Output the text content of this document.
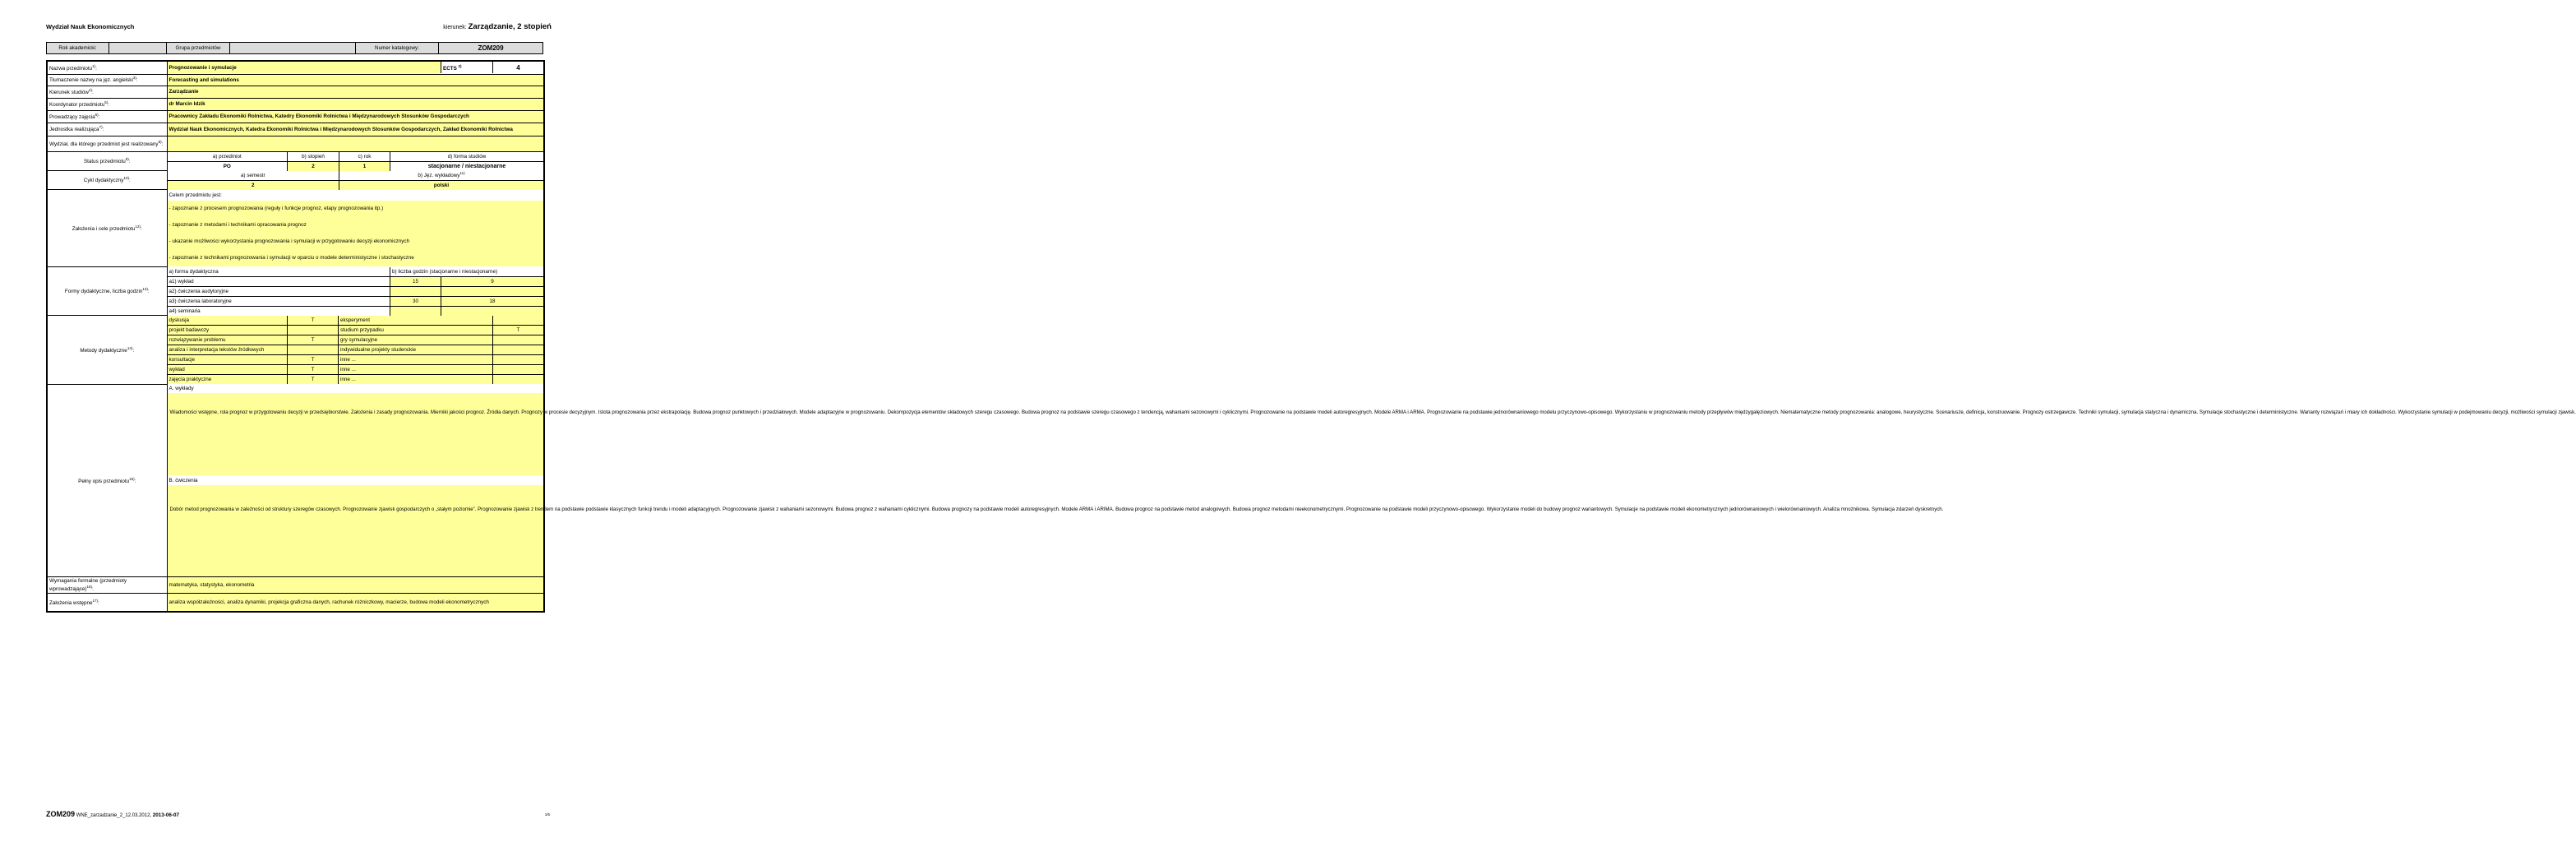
Wydział Nauk Ekonomicznych	kierunek: Zarządzanie, 2 stopień
Rok akademicki:		Grupa przedmiotów		Numer katalogowy:	ZOM209
Nazwa przedmiotu$^{1)}$:		Prognozowanie i symulacje	ECTS $^{2)}$	4

Tłumaczenie nazwy na jęz. angielski$^{3)}$:	Forecasting and simulations
Kierunek studiów$^{4)}$:	Zarządzanie
Koordynator przedmiotu$^{5)}$:	dr Marcin Idzik
Prowadzący zajęcia$^{6)}$:	Pracownicy Zakładu Ekonomiki Rolnictwa, Katedry Ekonomiki Rolnictwa i Międzynarodowych Stosunków Gospodarczych
Jednostka realizująca$^{7)}$:	Wydział Nauk Ekonomicznych, Katedra Ekonomiki Rolnictwa i Międzynarodowych Stosunków Gospodarczych, Zakład Ekonomiki Rolnictwa
Wydział, dla którego przedmiot jest realizowany$^{8)}$:	
Status przedmiotu$^{9)}$:	
a) przedmiot	b) stopień	c) rok	d) forma studiów
PO	2	1	stacjonarne / niestacjonarne

Cykl dydaktyczny$^{10)}$:	
a) semestr	b) Jęz. wykładowy$^{11)}$
2	polski

Założenia i cele przedmiotu$^{12)}$:	
Celem przedmiotu jest:
- zapoznanie z procesem prognozowania (reguły i funkcje prognoz, etapy prognozowania itp.)
- zapoznanie z metodami i technikami opracowania prognoz
- ukazanie możliwości wykorzystania prognozowania i symulacji w przygotowaniu decyzji ekonomicznych
- zapoznanie z technikami prognozowania i symulacji w oparciu o modele deterministyczne i stochastyczne

Formy dydaktyczne, liczba godzin$^{13)}$:	
a) forma dydaktyczna	b) liczba godzin (stacjonarne i niestacjonarne)
a1) wykład	15	9
a2) ćwiczenia audytoryjne		
a3) ćwiczenia laboratoryjne	30	18
a4) seminaria		

Metody dydaktyczne$^{14)}$:	
dyskusja	T	eksperyment	
projekt badawczy		studium przypadku	T
rozwiązywanie problemu	T	gry symulacyjne	
analiza i interpretacja tekstów źródłowych		indywidualne projekty studenckie	
konsultacje	T	inne ...	
wykład	T	inne ...	
zajęcia praktyczne	T	inne ...	

Pełny opis przedmiotu$^{15)}$:	
A. wykłady
Wiadomości wstępne, rola prognoz w przygotowaniu decyzji w przedsiębiorstwie. Założenia i zasady prognozowania. Mierniki jakości prognoz. Źródła danych. Prognozy w procesie decyzyjnym. Istota prognozowania przez ekstrapolację. Budowa prognoz punktowych i przedziałowych. Modele adaptacyjne w prognozowaniu. Dekompozycja elementów składowych szeregu czasowego. Budowa prognoz na podstawie szeregu czasowego z tendencją, wahaniami sezonowymi i cyklicznymi. Prognozowanie na podstawie modeli autoregresyjnych. Modele ARMA i ARMA. Prognozowanie na podstawie jednorównaniowego modelu przyczynowo-opisowego. Wykorzystaniu w prognozowaniu metody przepływów międzygałęziowych. Niematematyczne metody prognozowania: analogowe, heurystyczne. Scenariusze, definicja, konstruowanie. Prognozy ostrzegawcze. Techniki symulacji, symulacja statyczna i dynamiczna. Symulacje stochastyczne i deterministyczne. Warianty rozwiązań i miary ich dokładności. Wykorzystanie symulacji w podejmowaniu decyzji, możliwości symulacji zjawisk.
B. ćwiczenia
Dobór metod prognozowania w zależności od struktury szeregów czasowych. Prognozowanie zjawisk gospodarczych o „stałym poziomie”. Prognozowanie zjawisk z trendem na podstawie podstawie klasycznych funkcji trendu i modeli adaptacyjnych. Prognozowanie zjawisk z wahaniami sezonowymi. Budowa prognoz z wahaniami cyklicznymi. Budowa prognozy na podstawie modeli autoregresyjnych. Modele ARMA i ARIMA. Budowa prognoz na podstawie metod analogowych. Budowa prognoz metodami nieekonometrycznymi. Prognozowanie na podstawie modeli przyczynowo-opisowego. Wykorzystanie modeli do budowy prognoz wariantowych. Symulacje na podstawie modeli ekonometrycznych jednorównaniowych i wielorównaniowych. Analiza mnożnikowa. Symulacja zdarzeń dyskretnych.

Wymagania formalne (przedmioty wprowadzające)$^{16)}$:	matematyka, statystyka, ekonometria
Założenia wstępne$^{17)}$:	analiza współzależności, analiza dynamiki, projekcja graficzna danych, rachunek różniczkowy, macierze, budowa modeli ekonometrycznych
ZOM209 WNE_zarzadzanie_2_12.03.2012, 2013-06-07	1/6
